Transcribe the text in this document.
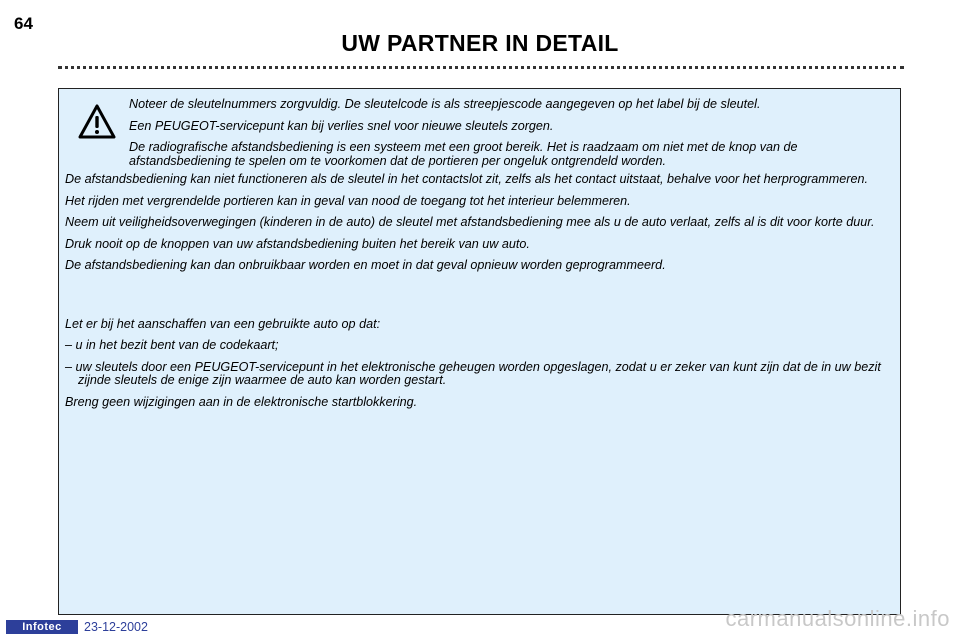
64
UW PARTNER IN DETAIL

Noteer de sleutelnummers zorgvuldig. De sleutelcode is als streepjescode aangegeven op het label bij de sleutel.

Een PEUGEOT-servicepunt kan bij verlies snel voor nieuwe sleutels zorgen.

De radiografische afstandsbediening is een systeem met een groot bereik. Het is raadzaam om niet met de knop van de afstandsbediening te spelen om te voorkomen dat de portieren per ongeluk ontgrendeld worden.

De afstandsbediening kan niet functioneren als de sleutel in het contactslot zit, zelfs als het contact uitstaat, behalve voor het herprogrammeren.

Het rijden met vergrendelde portieren kan in geval van nood de toegang tot het interieur belemmeren.

Neem uit veiligheidsoverwegingen (kinderen in de auto) de sleutel met afstandsbediening mee als u de auto verlaat, zelfs al is dit voor korte duur.

Druk nooit op de knoppen van uw afstandsbediening buiten het bereik van uw auto.

De afstandsbediening kan dan onbruikbaar worden en moet in dat geval opnieuw worden geprogrammeerd.

Let er bij het aanschaffen van een gebruikte auto op dat:

– u in het bezit bent van de codekaart;

– uw sleutels door een PEUGEOT-servicepunt in het elektronische geheugen worden opgeslagen, zodat u er zeker van kunt zijn dat de in uw bezit zijnde sleutels de enige zijn waarmee de auto kan worden gestart.

Breng geen wijzigingen aan in de elektronische startblokkering.

Infotec	23-12-2002	carmanualsonline.info
